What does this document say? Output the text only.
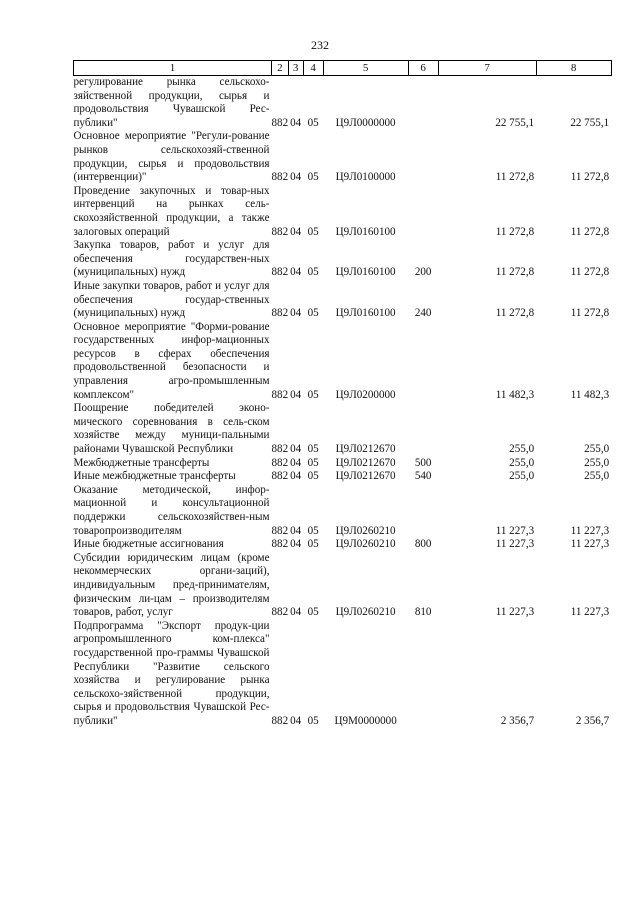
232
1	2	3	4	5	6	7	8
регулирование рынка сельскохо-зяйственной продукции, сырья и продовольствия Чувашской Рес-публики"	882	04	05	Ц9Л0000000		22 755,1	22 755,1
Основное мероприятие "Регули-рование рынков сельскохозяй-ственной продукции, сырья и продовольствия (интервенции)"	882	04	05	Ц9Л0100000		11 272,8	11 272,8
Проведение закупочных и товар-ных интервенций на рынках сель-скохозяйственной продукции, а также залоговых операций	882	04	05	Ц9Л0160100		11 272,8	11 272,8
Закупка товаров, работ и услуг для обеспечения государствен-ных (муниципальных) нужд	882	04	05	Ц9Л0160100	200	11 272,8	11 272,8
Иные закупки товаров, работ и услуг для обеспечения государ-ственных (муниципальных) нужд	882	04	05	Ц9Л0160100	240	11 272,8	11 272,8
Основное мероприятие "Форми-рование государственных инфор-мационных ресурсов в сферах обеспечения продовольственной безопасности и управления агро-промышленным комплексом"	882	04	05	Ц9Л0200000		11 482,3	11 482,3
Поощрение победителей эконо-мического соревнования в сель-ском хозяйстве между муници-пальными районами Чувашской Республики	882	04	05	Ц9Л0212670		255,0	255,0
Межбюджетные трансферты	882	04	05	Ц9Л0212670	500	255,0	255,0
Иные межбюджетные трансферты	882	04	05	Ц9Л0212670	540	255,0	255,0
Оказание методической, инфор-мационной и консультационной поддержки сельскохозяйствен-ным товаропроизводителям	882	04	05	Ц9Л0260210		11 227,3	11 227,3
Иные бюджетные ассигнования	882	04	05	Ц9Л0260210	800	11 227,3	11 227,3
Субсидии юридическим лицам (кроме некоммерческих органи-заций), индивидуальным пред-принимателям, физическим ли-цам – производителям товаров, работ, услуг	882	04	05	Ц9Л0260210	810	11 227,3	11 227,3
Подпрограмма "Экспорт продук-ции агропромышленного ком-плекса" государственной про-граммы Чувашской Республики "Развитие сельского хозяйства и регулирование рынка сельскохо-зяйственной продукции, сырья и продовольствия Чувашской Рес-публики"	882	04	05	Ц9М0000000		2 356,7	2 356,7
